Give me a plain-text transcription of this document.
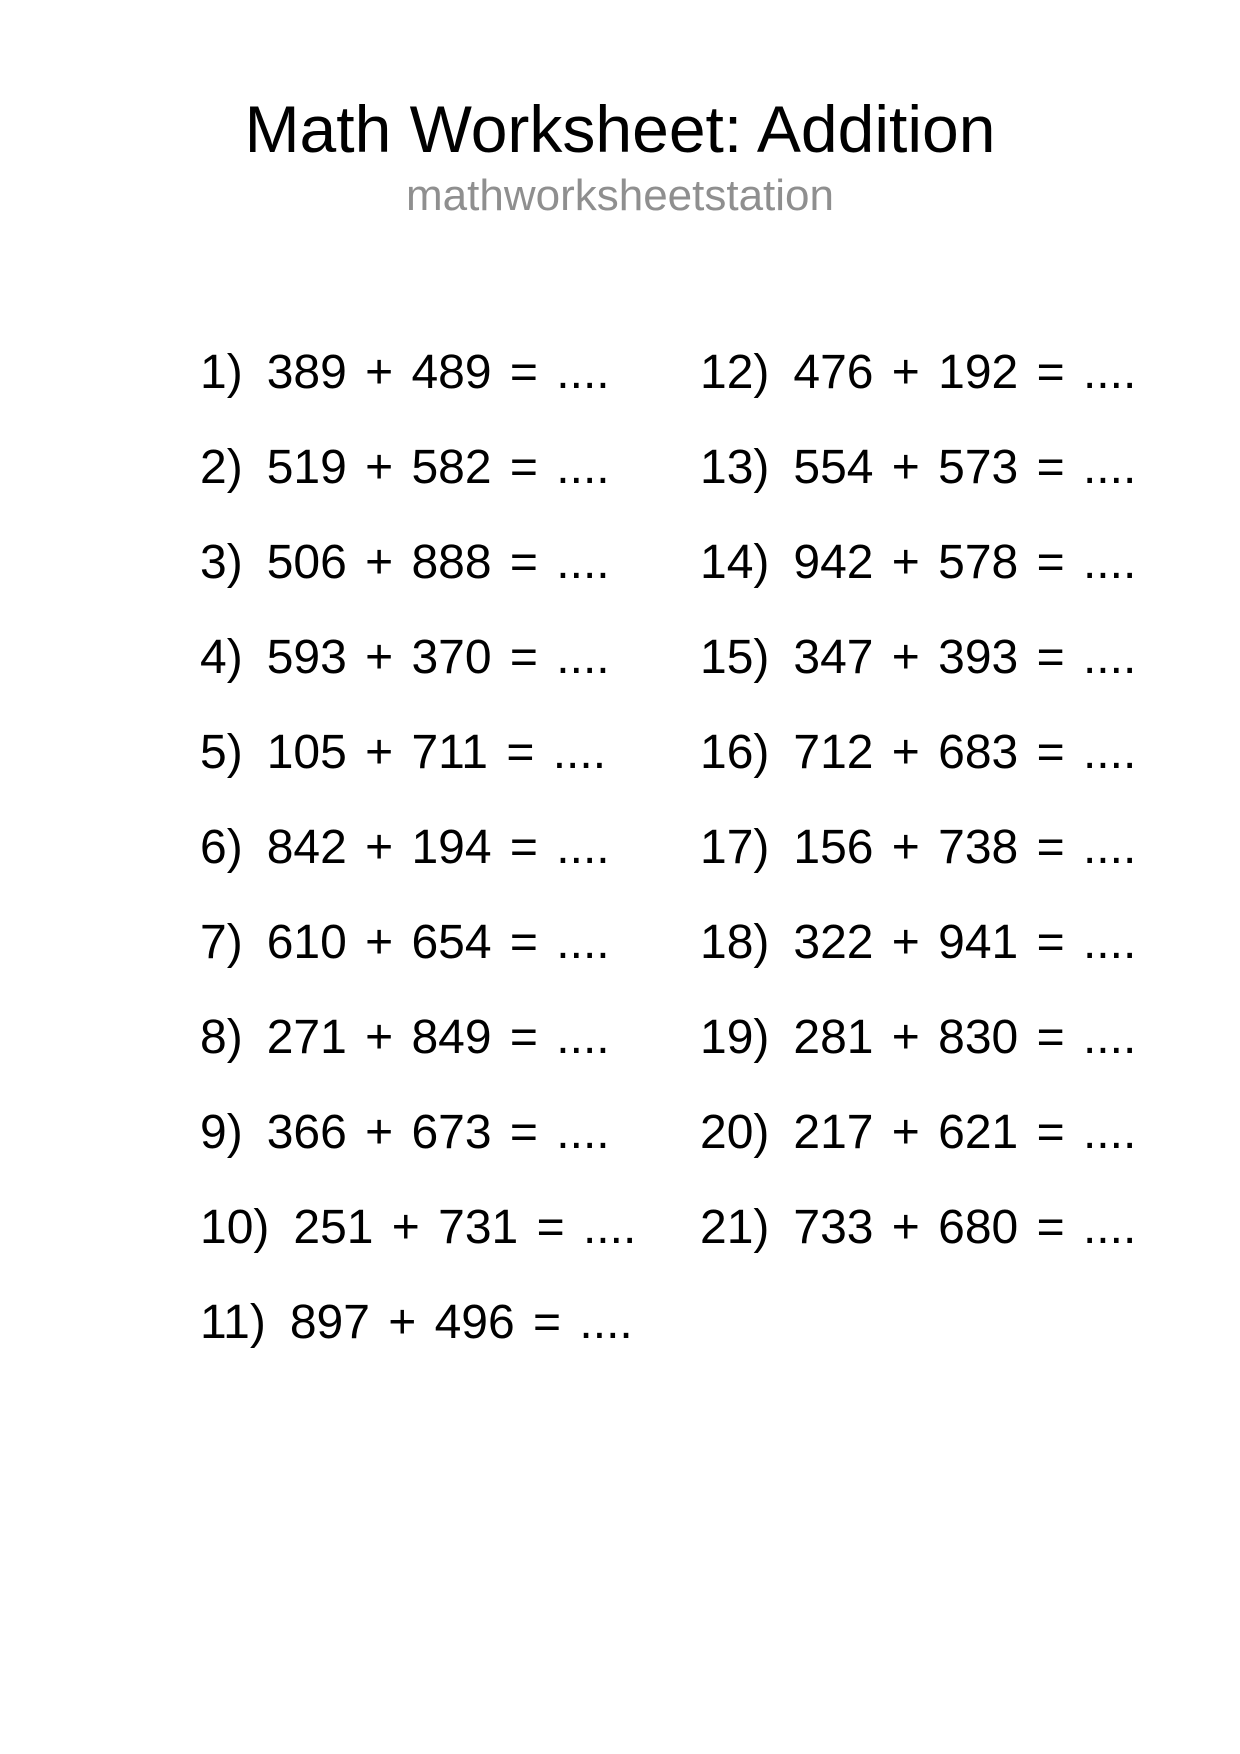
Math Worksheet: Addition
mathworksheetstation
1) 389 + 489 = ....
2) 519 + 582 = ....
3) 506 + 888 = ....
4) 593 + 370 = ....
5) 105 + 711 = ....
6) 842 + 194 = ....
7) 610 + 654 = ....
8) 271 + 849 = ....
9) 366 + 673 = ....
10) 251 + 731 = ....
11) 897 + 496 = ....
12) 476 + 192 = ....
13) 554 + 573 = ....
14) 942 + 578 = ....
15) 347 + 393 = ....
16) 712 + 683 = ....
17) 156 + 738 = ....
18) 322 + 941 = ....
19) 281 + 830 = ....
20) 217 + 621 = ....
21) 733 + 680 = ....
